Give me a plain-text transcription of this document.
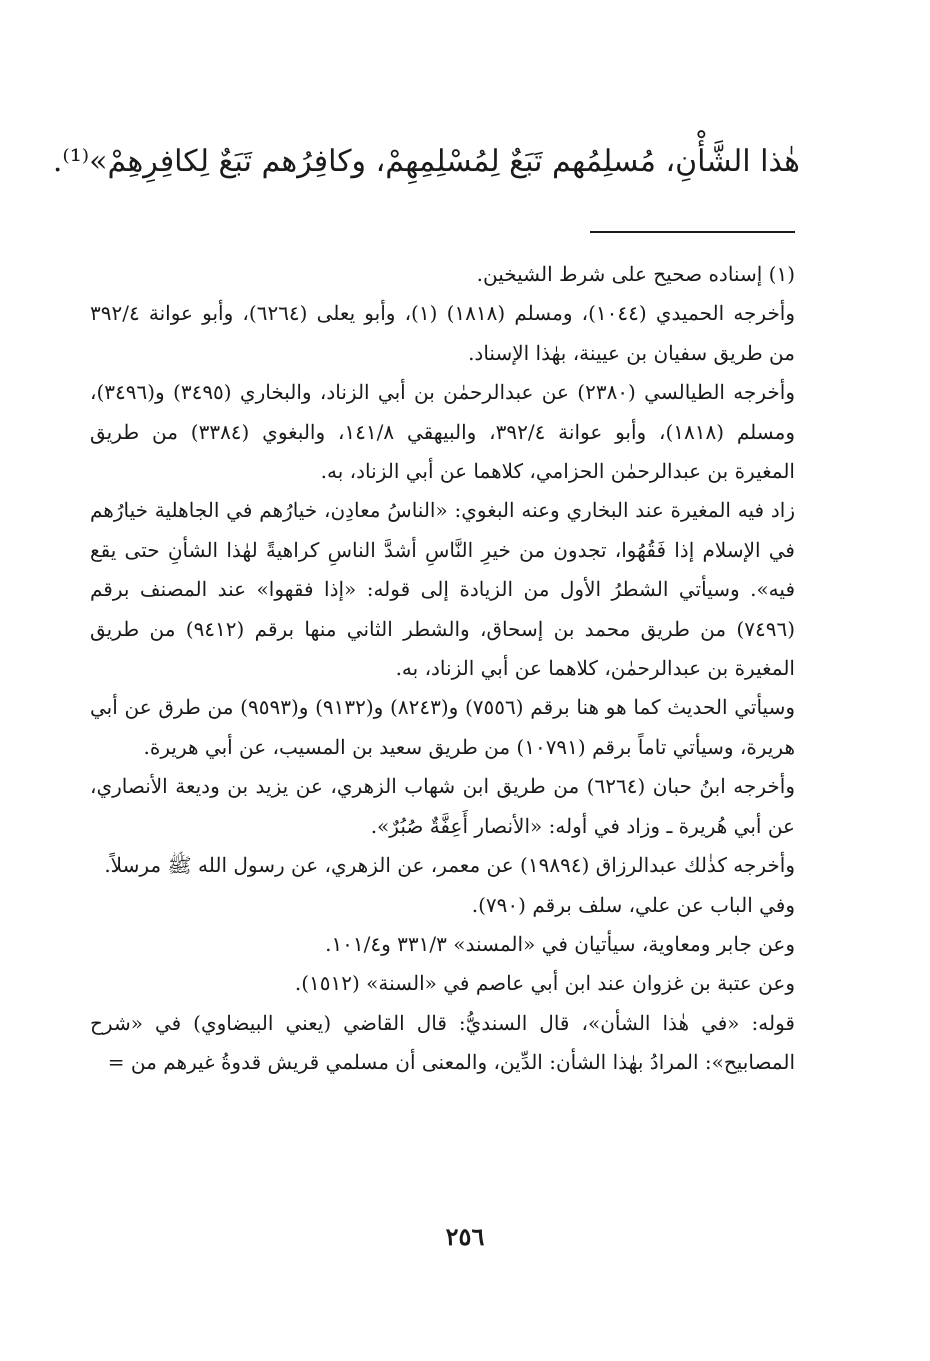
هٰذا الشَّأْنِ، مُسلِمُهم تَبَعٌ لِمُسْلِمِهِمْ، وكافِرُهم تَبَعٌ لِكافِرِهِمْ»⁽¹⁾.

(١) إسناده صحيح على شرط الشيخين.

وأخرجه الحميدي (١٠٤٤)، ومسلم (١٨١٨) (١)، وأبو يعلى (٦٢٦٤)، وأبو عوانة ٣٩٢/٤ من طريق سفيان بن عيينة، بهٰذا الإسناد.

وأخرجه الطيالسي (٢٣٨٠) عن عبدالرحمٰن بن أبي الزناد، والبخاري (٣٤٩٥) و(٣٤٩٦)، ومسلم (١٨١٨)، وأبو عوانة ٣٩٢/٤، والبيهقي ١٤١/٨، والبغوي (٣٣٨٤) من طريق المغيرة بن عبدالرحمٰن الحزامي، كلاهما عن أبي الزناد، به.

زاد فيه المغيرة عند البخاري وعنه البغوي: «الناسُ معادِن، خيارُهم في الجاهلية خيارُهم في الإسلام إذا فَقُهُوا، تجدون من خيرِ النَّاسِ أشدَّ الناسِ كراهيةً لهٰذا الشأنِ حتى يقع فيه». وسيأتي الشطرُ الأول من الزيادة إلى قوله: «إذا فقهوا» عند المصنف برقم (٧٤٩٦) من طريق محمد بن إسحاق، والشطر الثاني منها برقم (٩٤١٢) من طريق المغيرة بن عبدالرحمٰن، كلاهما عن أبي الزناد، به.

وسيأتي الحديث كما هو هنا برقم (٧٥٥٦) و(٨٢٤٣) و(٩١٣٢) و(٩٥٩٣) من طرق عن أبي هريرة، وسيأتي تاماً برقم (١٠٧٩١) من طريق سعيد بن المسيب، عن أبي هريرة.

وأخرجه ابنُ حبان (٦٢٦٤) من طريق ابن شهاب الزهري، عن يزيد بن وديعة الأنصاري، عن أبي هُريرة ـ وزاد في أوله: «الأنصار أَعِفَّةٌ صُبُرٌ».

وأخرجه كذٰلك عبدالرزاق (١٩٨٩٤) عن معمر، عن الزهري، عن رسول الله ﷺ مرسلاً.

وفي الباب عن علي، سلف برقم (٧٩٠).

وعن جابر ومعاوية، سيأتيان في «المسند» ٣٣١/٣ و١٠١/٤.

وعن عتبة بن غزوان عند ابن أبي عاصم في «السنة» (١٥١٢).

قوله: «في هٰذا الشأن»، قال السنديُّ: قال القاضي (يعني البيضاوي) في «شرح المصابيح»: المرادُ بهٰذا الشأن: الدِّين، والمعنى أن مسلمي قريش قدوةُ غيرهم من =

٢٥٦
